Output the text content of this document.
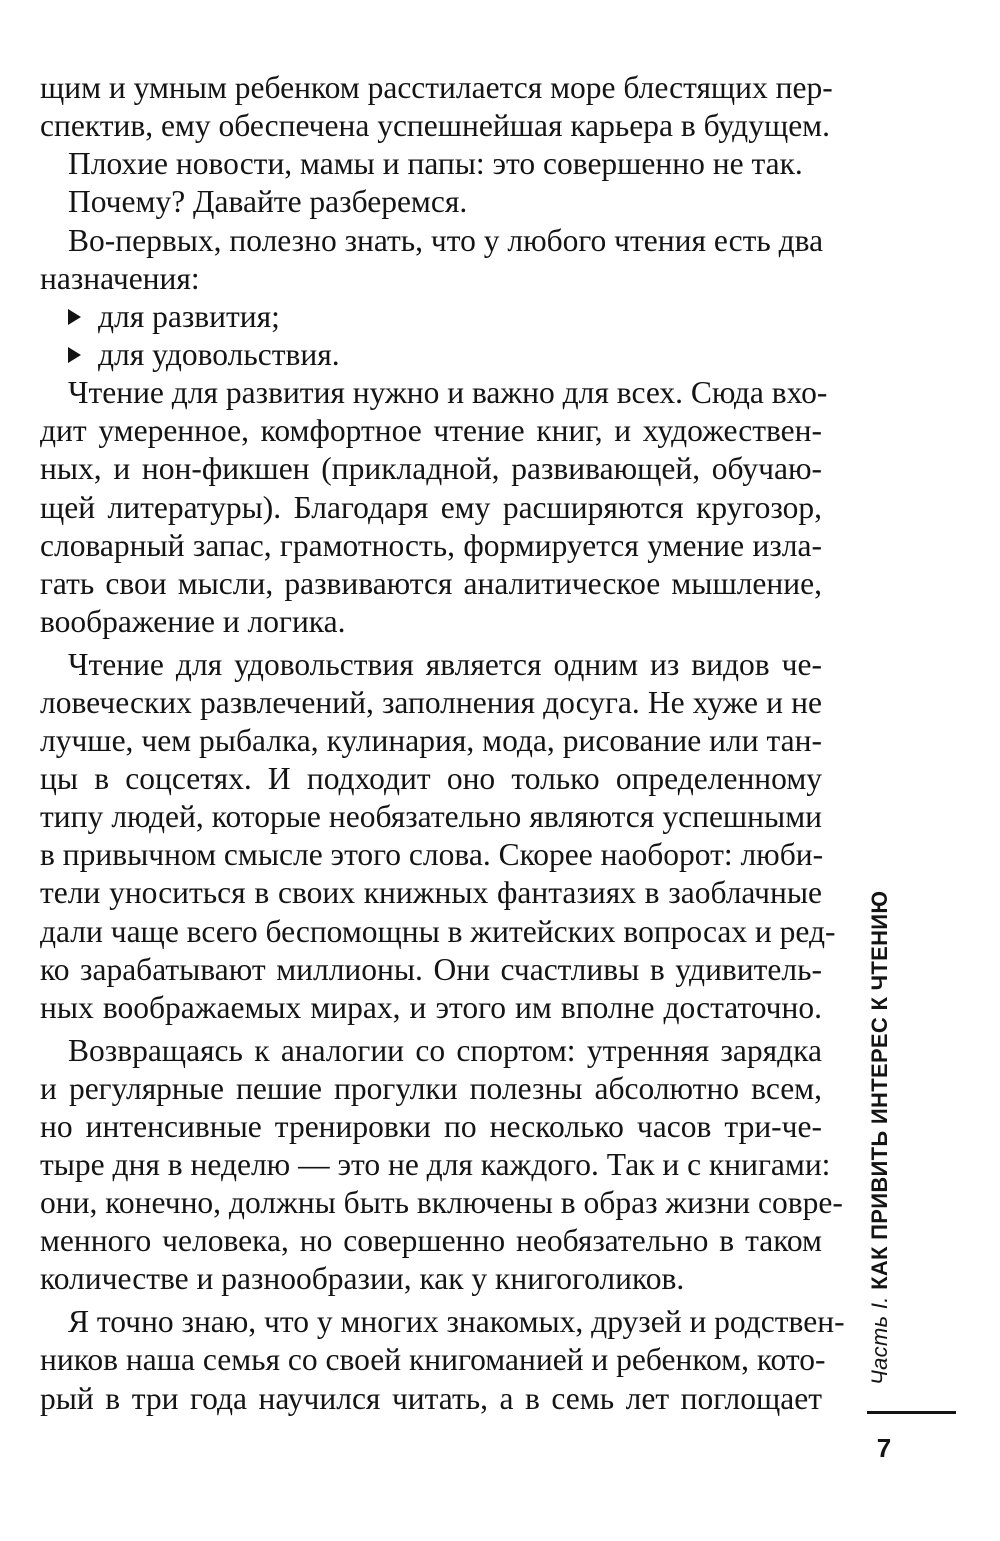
щим и умным ребенком расстилается море блестящих пер-
спектив, ему обеспечена успешнейшая карьера в будущем.
Плохие новости, мамы и папы: это совершенно не так.
Почему? Давайте разберемся.
Во-первых, полезно знать, что у любого чтения есть два
назначения:
для развития;
для удовольствия.
Чтение для развития нужно и важно для всех. Сюда вхо-
дит умеренное, комфортное чтение книг, и художествен-
ных, и нон-фикшен (прикладной, развивающей, обучаю-
щей литературы). Благодаря ему расширяются кругозор,
словарный запас, грамотность, формируется умение изла-
гать свои мысли, развиваются аналитическое мышление,
воображение и логика.
Чтение для удовольствия является одним из видов че-
ловеческих развлечений, заполнения досуга. Не хуже и не
лучше, чем рыбалка, кулинария, мода, рисование или тан-
цы в соцсетях. И подходит оно только определенному
типу людей, которые необязательно являются успешными
в привычном смысле этого слова. Скорее наоборот: люби-
тели уноситься в своих книжных фантазиях в заоблачные
дали чаще всего беспомощны в житейских вопросах и ред-
ко зарабатывают миллионы. Они счастливы в удивитель-
ных воображаемых мирах, и этого им вполне достаточно.
Возвращаясь к аналогии со спортом: утренняя зарядка
и регулярные пешие прогулки полезны абсолютно всем,
но интенсивные тренировки по несколько часов три-че-
тыре дня в неделю — это не для каждого. Так и с книгами:
они, конечно, должны быть включены в образ жизни совре-
менного человека, но совершенно необязательно в таком
количестве и разнообразии, как у книгоголиков.
Я точно знаю, что у многих знакомых, друзей и родствен-
ников наша семья со своей книгоманией и ребенком, кото-
рый в три года научился читать, а в семь лет поглощает
Часть I. КАК ПРИВИТЬ ИНТЕРЕС К ЧТЕНИЮ
7
